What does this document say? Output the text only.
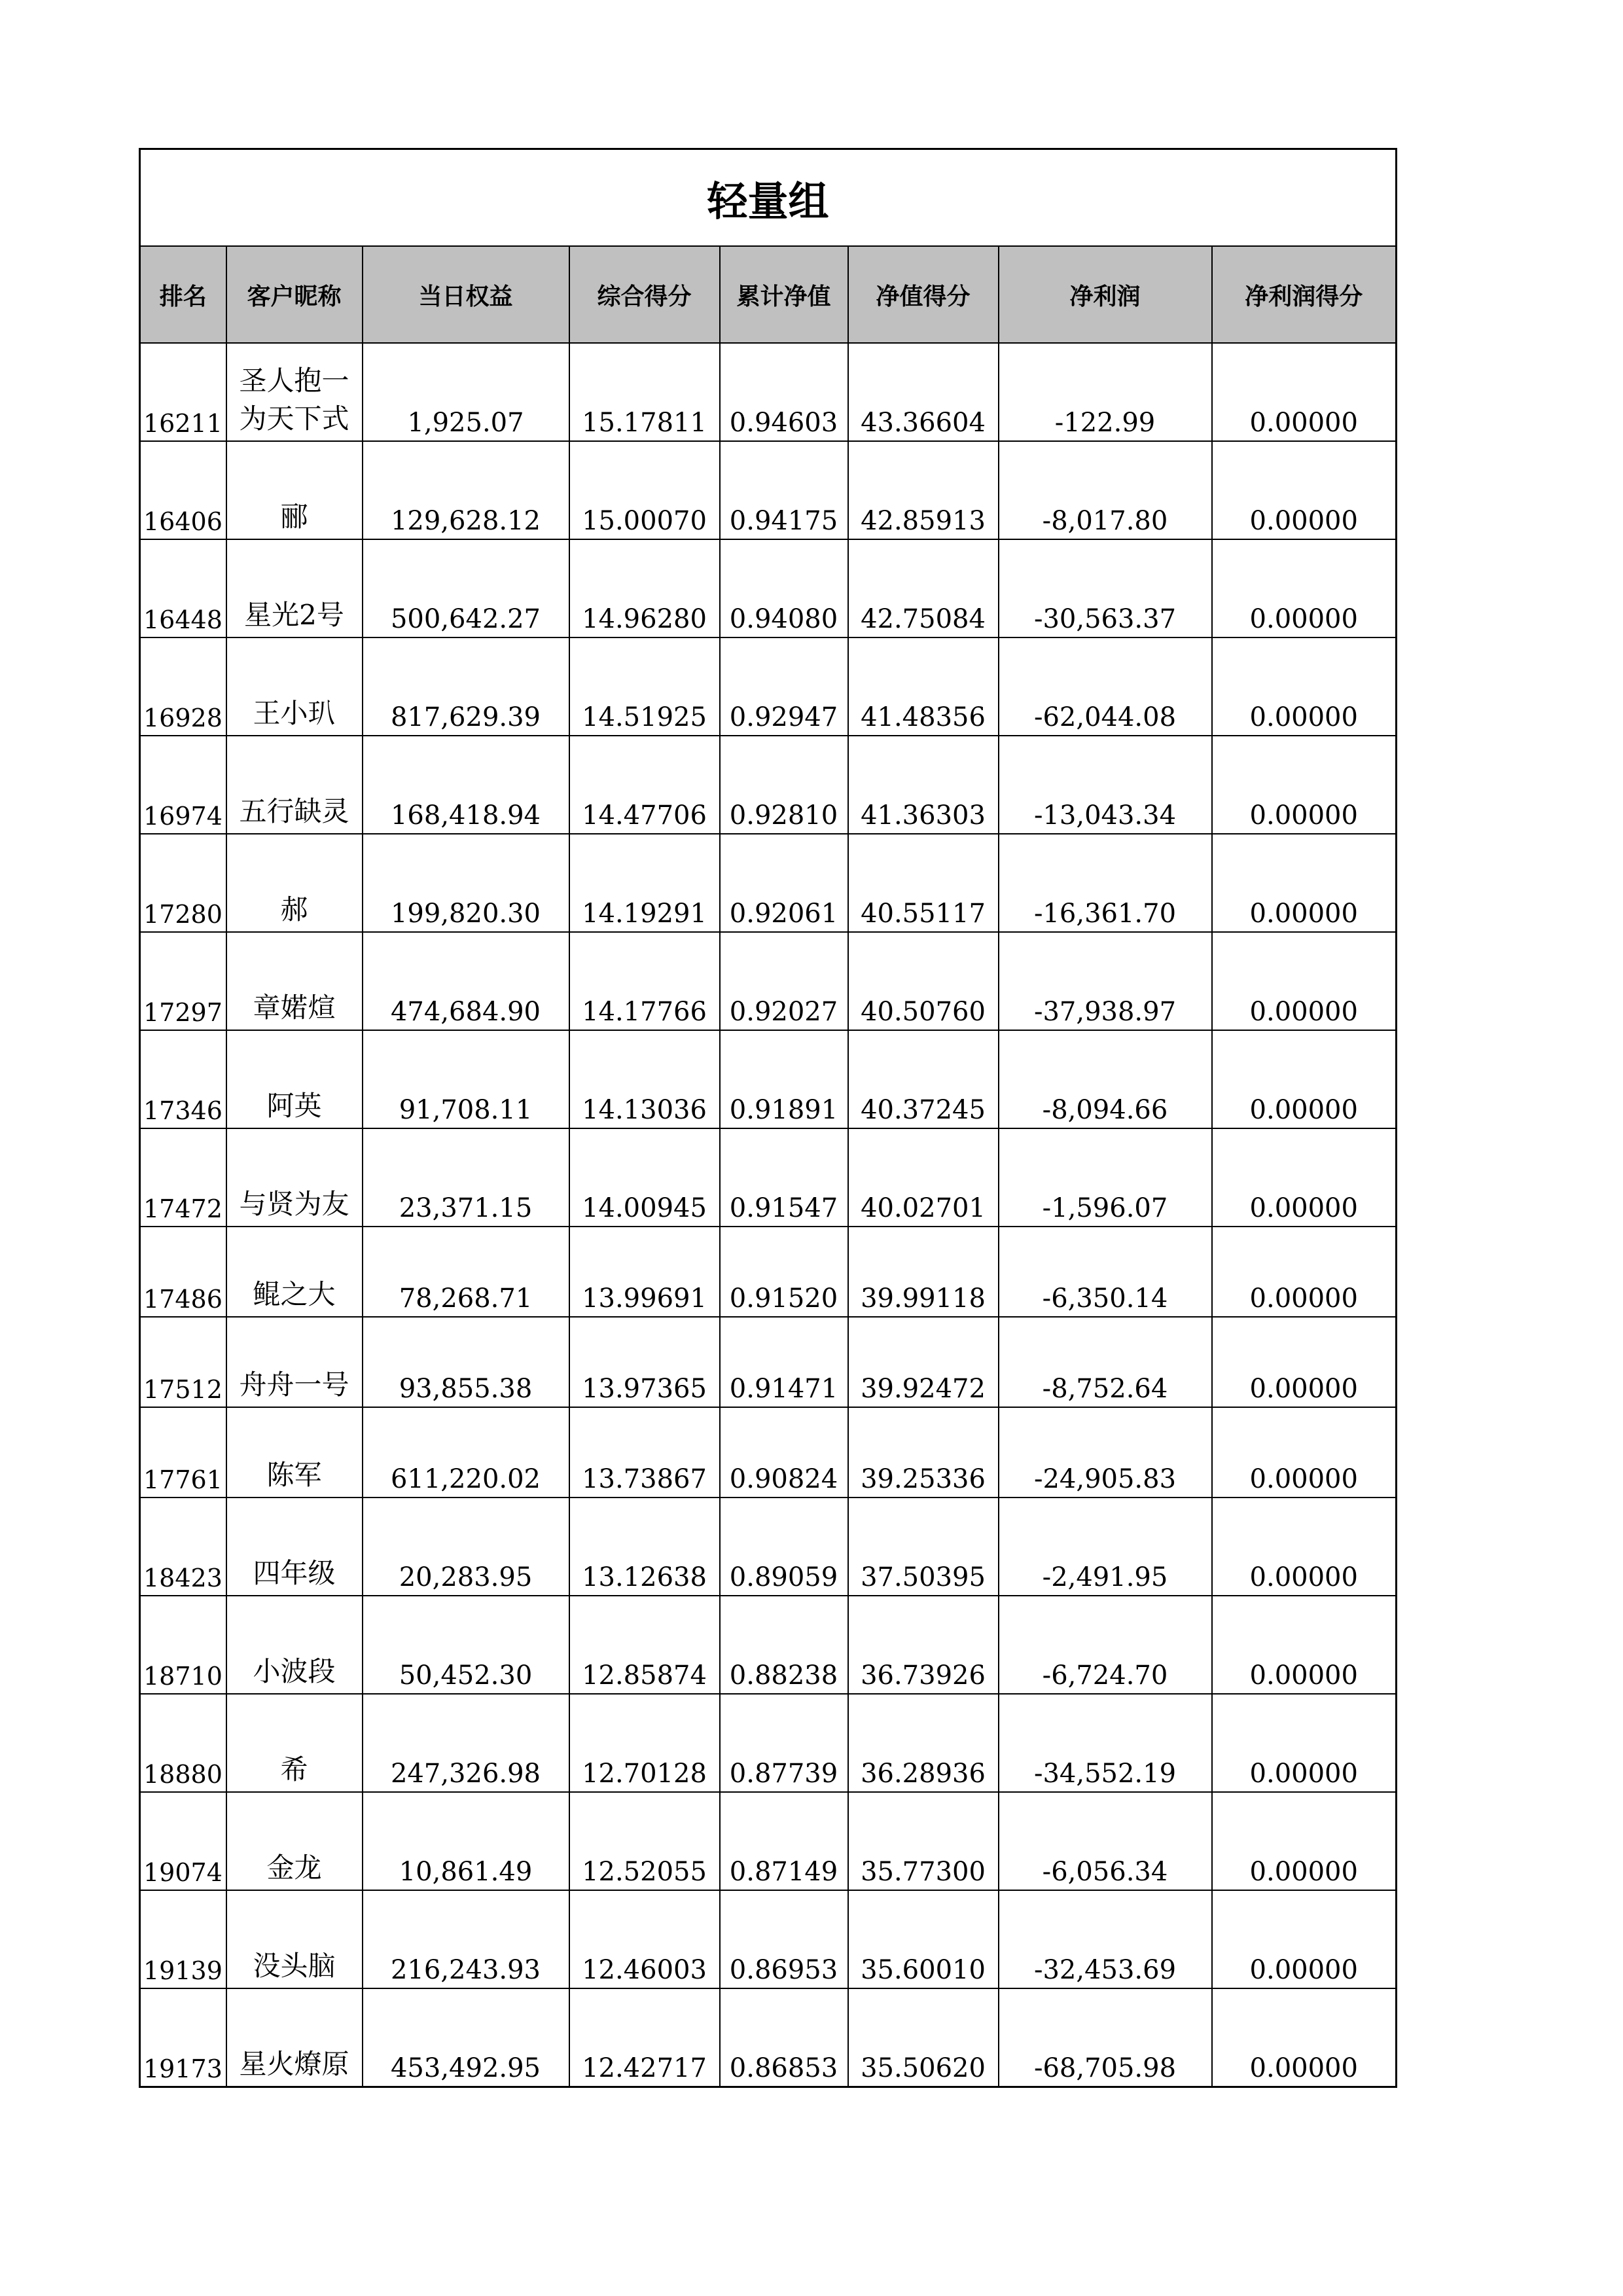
轻量组							
排名	客户昵称	当日权益	综合得分	累计净值	净值得分	净利润	净利润得分
16211	圣人抱一为天下式	1,925.07	15.17811	0.94603	43.36604	-122.99	0.00000
16406	郦	129,628.12	15.00070	0.94175	42.85913	-8,017.80	0.00000
16448	星光2号	500,642.27	14.96280	0.94080	42.75084	-30,563.37	0.00000
16928	王小玐	817,629.39	14.51925	0.92947	41.48356	-62,044.08	0.00000
16974	五行缺灵	168,418.94	14.47706	0.92810	41.36303	-13,043.34	0.00000
17280	郝	199,820.30	14.19291	0.92061	40.55117	-16,361.70	0.00000
17297	章婼煊	474,684.90	14.17766	0.92027	40.50760	-37,938.97	0.00000
17346	阿英	91,708.11	14.13036	0.91891	40.37245	-8,094.66	0.00000
17472	与贤为友	23,371.15	14.00945	0.91547	40.02701	-1,596.07	0.00000
17486	鲲之大	78,268.71	13.99691	0.91520	39.99118	-6,350.14	0.00000
17512	舟舟一号	93,855.38	13.97365	0.91471	39.92472	-8,752.64	0.00000
17761	陈军	611,220.02	13.73867	0.90824	39.25336	-24,905.83	0.00000
18423	四年级	20,283.95	13.12638	0.89059	37.50395	-2,491.95	0.00000
18710	小波段	50,452.30	12.85874	0.88238	36.73926	-6,724.70	0.00000
18880	希	247,326.98	12.70128	0.87739	36.28936	-34,552.19	0.00000
19074	金龙	10,861.49	12.52055	0.87149	35.77300	-6,056.34	0.00000
19139	没头脑	216,243.93	12.46003	0.86953	35.60010	-32,453.69	0.00000
19173	星火燎原	453,492.95	12.42717	0.86853	35.50620	-68,705.98	0.00000
